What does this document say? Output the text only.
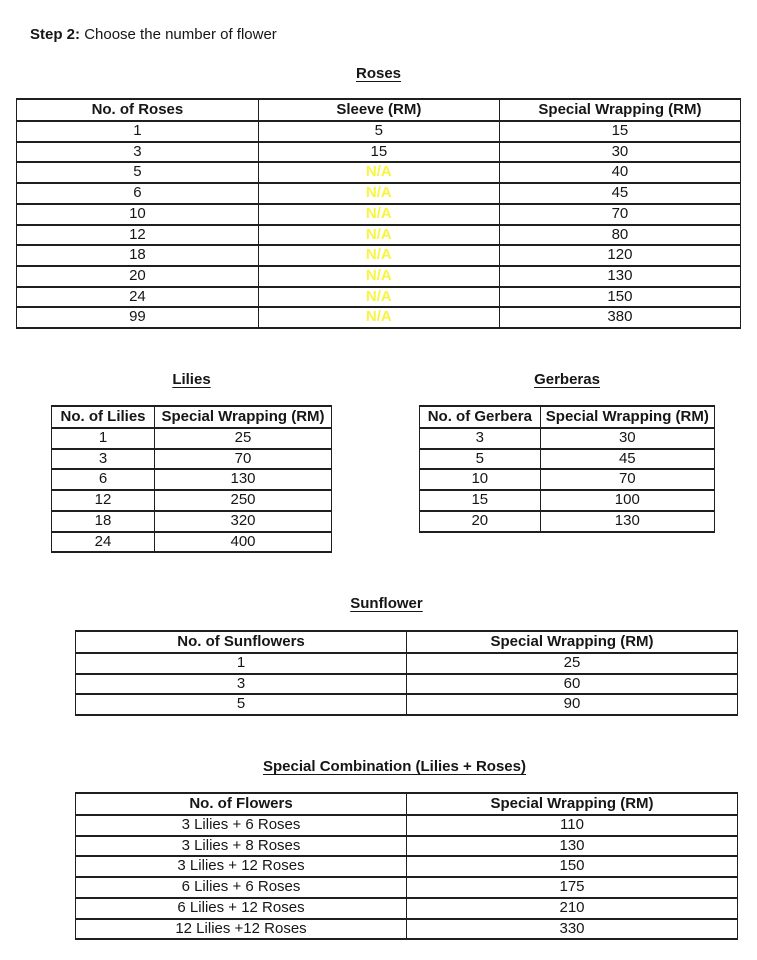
Step 2: Choose the number of flower
Roses
No. of Roses	Sleeve (RM)	Special Wrapping (RM)
1	5	15
3	15	30
5	N/A	40
6	N/A	45
10	N/A	70
12	N/A	80
18	N/A	120
20	N/A	130
24	N/A	150
99	N/A	380
Lilies
No. of Lilies	Special Wrapping (RM)
1	25
3	70
6	130
12	250
18	320
24	400
Gerberas
No. of Gerbera	Special Wrapping (RM)
3	30
5	45
10	70
15	100
20	130
Sunflower
No. of Sunflowers	Special Wrapping (RM)
1	25
3	60
5	90
Special Combination (Lilies + Roses)
No. of Flowers	Special Wrapping (RM)
3 Lilies + 6 Roses	110
3 Lilies + 8 Roses	130
3 Lilies + 12 Roses	150
6 Lilies + 6 Roses	175
6 Lilies + 12 Roses	210
12 Lilies +12 Roses	330
